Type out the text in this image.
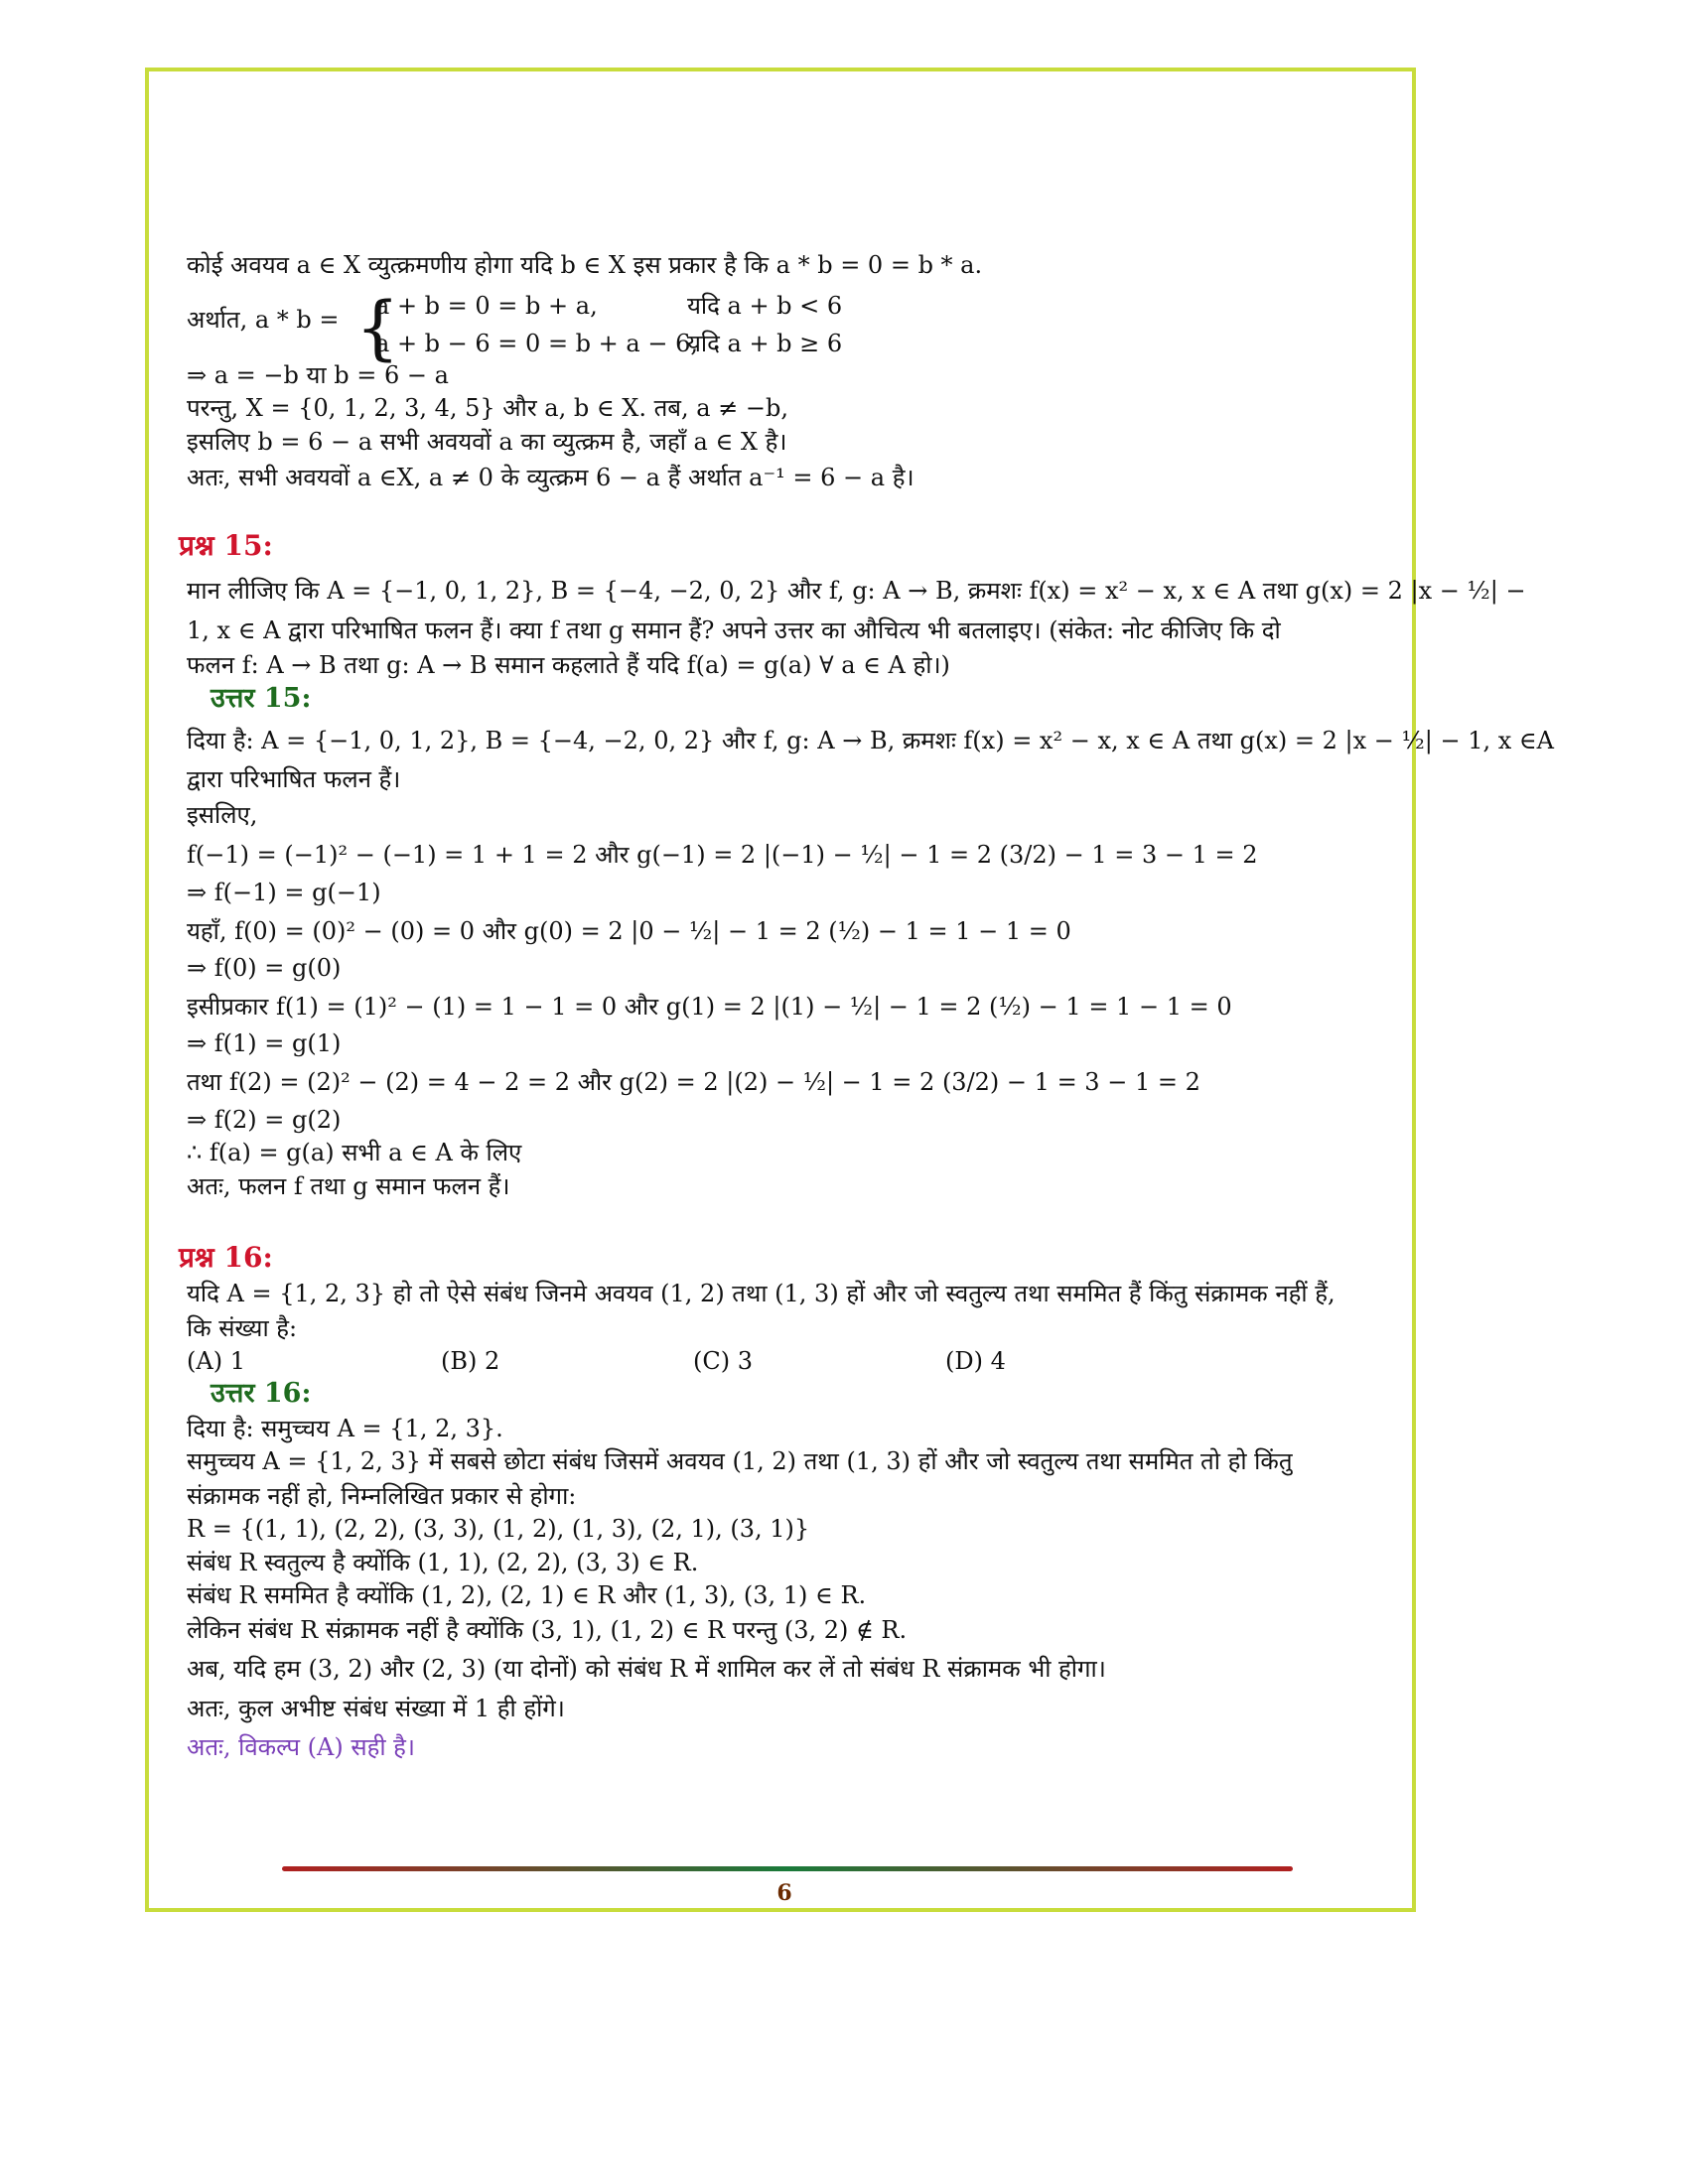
कोई अवयव a ∈ X व्युत्क्रमणीय होगा यदि b ∈ X इस प्रकार है कि a * b = 0 = b * a.
अर्थात, a * b = {
a + b = 0 = b + a,	यदि a + b < 6
a + b − 6 = 0 = b + a − 6,
यदि a + b ≥ 6
⇒ a = −b या b = 6 − a
परन्तु, X = {0, 1, 2, 3, 4, 5} और a, b ∈ X. तब, a ≠ −b,
इसलिए b = 6 − a सभी अवयवों a का व्युत्क्रम है, जहाँ a ∈ X है।
अतः, सभी अवयवों a ∈X, a ≠ 0 के व्युत्क्रम 6 − a हैं अर्थात a⁻¹ = 6 − a है।
प्रश्न 15:
मान लीजिए कि A = {−1, 0, 1, 2}, B = {−4, −2, 0, 2} और f, g: A → B, क्रमशः f(x) = x² − x, x ∈ A तथा g(x) = 2 |x − ½| −
1, x ∈ A द्वारा परिभाषित फलन हैं। क्या f तथा g समान हैं? अपने उत्तर का औचित्य भी बतलाइए। (संकेत: नोट कीजिए कि दो
फलन f: A → B तथा g: A → B समान कहलाते हैं यदि f(a) = g(a) ∀ a ∈ A हो।)
उत्तर 15:
दिया है: A = {−1, 0, 1, 2}, B = {−4, −2, 0, 2} और f, g: A → B, क्रमशः f(x) = x² − x, x ∈ A तथा g(x) = 2 |x − ½| − 1, x ∈A
द्वारा परिभाषित फलन हैं।
इसलिए,
f(−1) = (−1)² − (−1) = 1 + 1 = 2 और g(−1) = 2 |(−1) − ½| − 1 = 2 (3/2) − 1 = 3 − 1 = 2
⇒ f(−1) = g(−1)
यहाँ, f(0) = (0)² − (0) = 0 और g(0) = 2 |0 − ½| − 1 = 2 (½) − 1 = 1 − 1 = 0
⇒ f(0) = g(0)
इसीप्रकार f(1) = (1)² − (1) = 1 − 1 = 0 और g(1) = 2 |(1) − ½| − 1 = 2 (½) − 1 = 1 − 1 = 0
⇒ f(1) = g(1)
तथा f(2) = (2)² − (2) = 4 − 2 = 2 और g(2) = 2 |(2) − ½| − 1 = 2 (3/2) − 1 = 3 − 1 = 2
⇒ f(2) = g(2)
∴ f(a) = g(a) सभी a ∈ A के लिए
अतः, फलन f तथा g समान फलन हैं।
प्रश्न 16:
यदि A = {1, 2, 3} हो तो ऐसे संबंध जिनमे अवयव (1, 2) तथा (1, 3) हों और जो स्वतुल्य तथा सममित हैं किंतु संक्रामक नहीं हैं,
कि संख्या है:
(A) 1	(B) 2	(C) 3	(D) 4
उत्तर 16:
दिया है: समुच्चय A = {1, 2, 3}.
समुच्चय A = {1, 2, 3} में सबसे छोटा संबंध जिसमें अवयव (1, 2) तथा (1, 3) हों और जो स्वतुल्य तथा सममित तो हो किंतु
संक्रामक नहीं हो, निम्नलिखित प्रकार से होगा:
R = {(1, 1), (2, 2), (3, 3), (1, 2), (1, 3), (2, 1), (3, 1)}
संबंध R स्वतुल्य है क्योंकि (1, 1), (2, 2), (3, 3) ∈ R.
संबंध R सममित है क्योंकि (1, 2), (2, 1) ∈ R और (1, 3), (3, 1) ∈ R.
लेकिन संबंध R संक्रामक नहीं है क्योंकि (3, 1), (1, 2) ∈ R परन्तु (3, 2) ∉ R.
अब, यदि हम (3, 2) और (2, 3) (या दोनों) को संबंध R में शामिल कर लें तो संबंध R संक्रामक भी होगा।
अतः, कुल अभीष्ट संबंध संख्या में 1 ही होंगे।
अतः, विकल्प (A) सही है।
6
